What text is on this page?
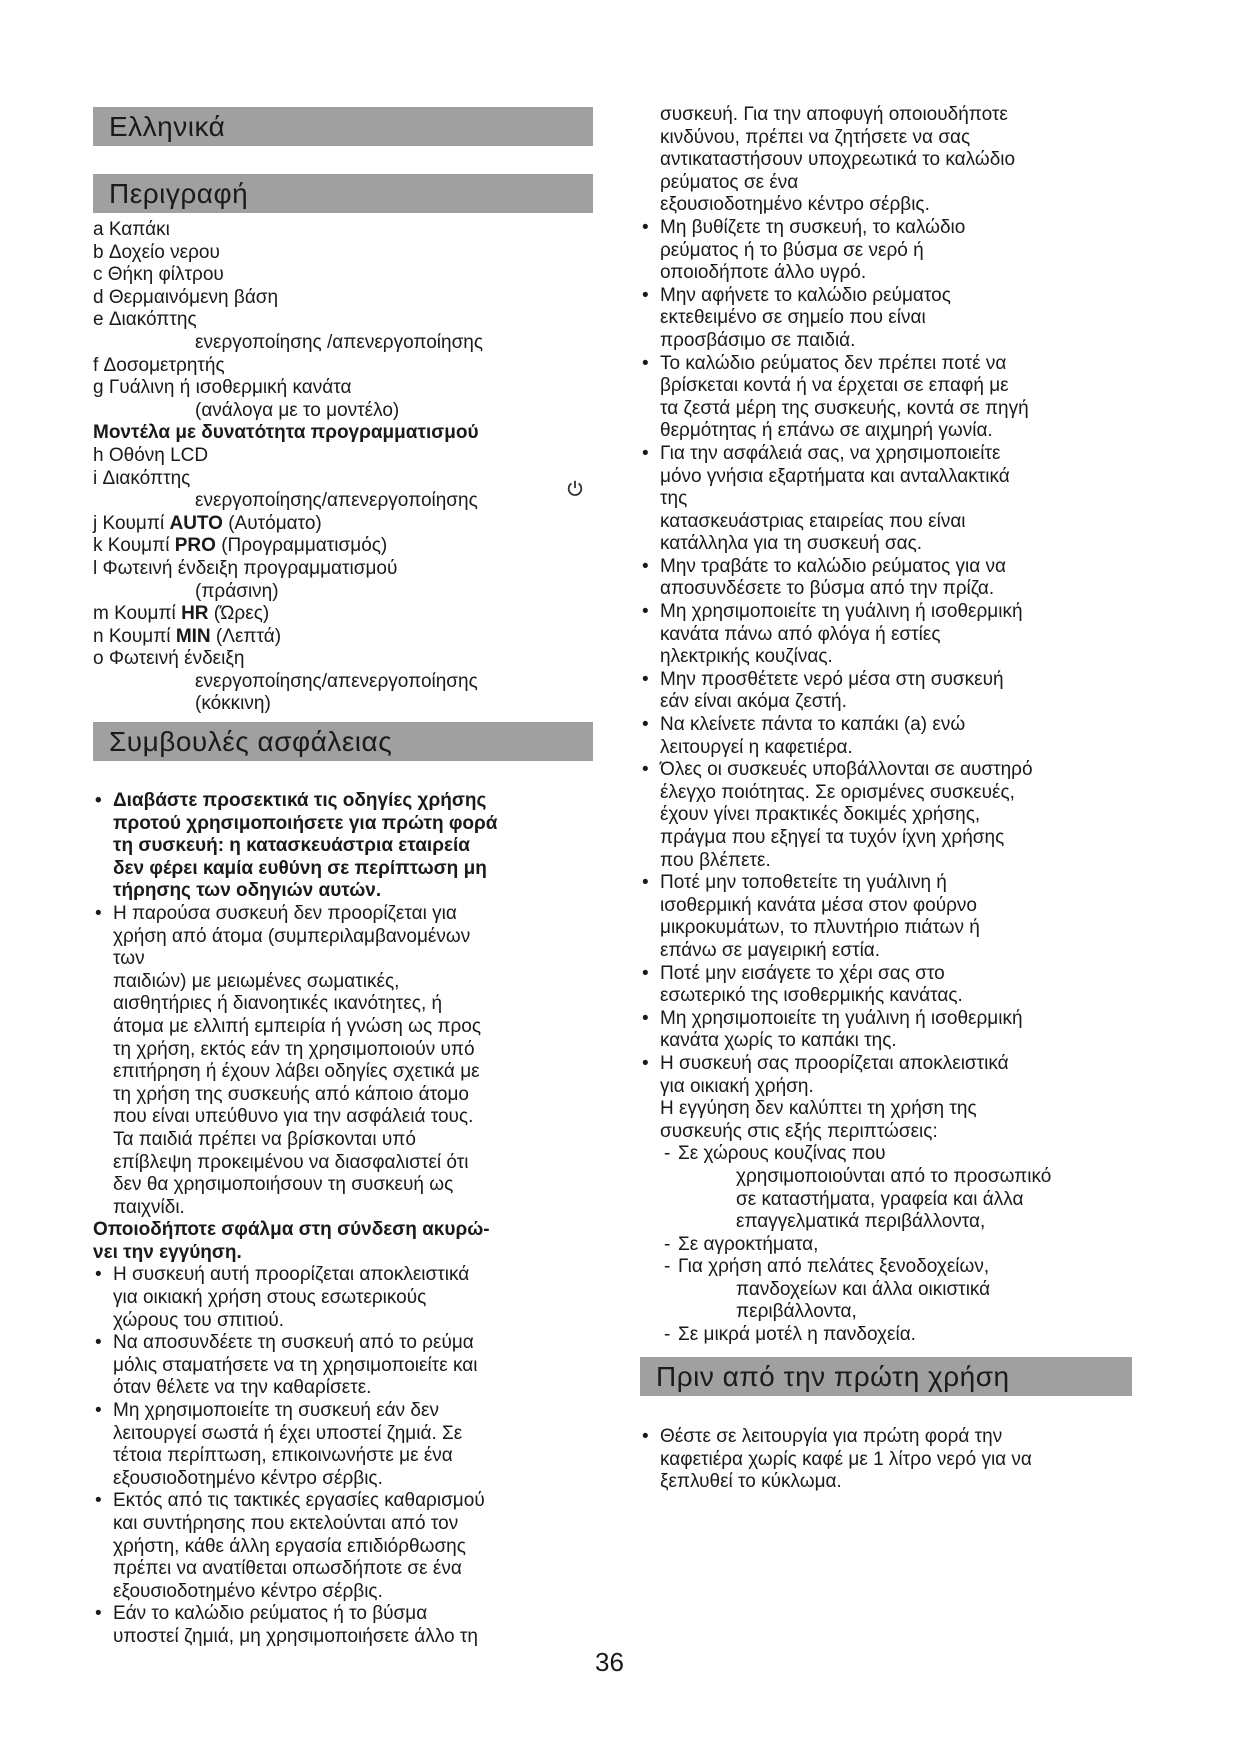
Ελληνικά
Περιγραφή

a Καπάκι

b Δοχείο νερου

c Θήκη φίλτρου

d Θερμαινόμενη βάση

e Διακόπτης

ενεργοποίησης /απενεργοποίησης

f Δοσομετρητής

g Γυάλινη ή ισοθερμική κανάτα

(ανάλογα με το μοντέλο)

Μοντέλα με δυνατότητα προγραμματισμού

h Οθόνη LCD

i Διακόπτης

ενεργοποίησης/απενεργοποίησης

j Κουμπί AUTO (Αυτόματο)

k Κουμπί PRO (Προγραμματισμός)

l Φωτεινή ένδειξη προγραμματισμού

(πράσινη)

m Κουμπί HR (Ώρες)

n Κουμπί MIN (Λεπτά)

o Φωτεινή ένδειξη

ενεργοποίησης/απενεργοποίησης

(κόκκινη)

Συμβουλές ασφάλειας

• Διαβάστε προσεκτικά τις οδηγίες χρήσης

προτού χρησιμοποιήσετε για πρώτη φορά

τη συσκευή: η κατασκευάστρια εταιρεία

δεν φέρει καμία ευθύνη σε περίπτωση μη

τήρησης των οδηγιών αυτών.

• Η παρούσα συσκευή δεν προορίζεται για

χρήση από άτομα (συμπεριλαμβανομένων

των

παιδιών) με μειωμένες σωματικές,

αισθητήριες ή διανοητικές ικανότητες, ή

άτομα με ελλιπή εμπειρία ή γνώση ως προς

τη χρήση, εκτός εάν τη χρησιμοποιούν υπό

επιτήρηση ή έχουν λάβει οδηγίες σχετικά με

τη χρήση της συσκευής από κάποιο άτομο

που είναι υπεύθυνο για την ασφάλειά τους.

Τα παιδιά πρέπει να βρίσκονται υπό

επίβλεψη προκειμένου να διασφαλιστεί ότι

δεν θα χρησιμοποιήσουν τη συσκευή ως

παιχνίδι.

Οποιοδήποτε σφάλμα στη σύνδεση ακυρώ-

νει την εγγύηση.

• Η συσκευή αυτή προορίζεται αποκλειστικά

για οικιακή χρήση στους εσωτερικούς

χώρους του σπιτιού.

• Να αποσυνδέετε τη συσκευή από το ρεύμα

μόλις σταματήσετε να τη χρησιμοποιείτε και

όταν θέλετε να την καθαρίσετε.

• Μη χρησιμοποιείτε τη συσκευή εάν δεν

λειτουργεί σωστά ή έχει υποστεί ζημιά. Σε

τέτοια περίπτωση, επικοινωνήστε με ένα

εξουσιοδοτημένο κέντρο σέρβις.

• Εκτός από τις τακτικές εργασίες καθαρισμού

και συντήρησης που εκτελούνται από τον

χρήστη, κάθε άλλη εργασία επιδιόρθωσης

πρέπει να ανατίθεται οπωσδήποτε σε ένα

εξουσιοδοτημένο κέντρο σέρβις.

• Εάν το καλώδιο ρεύματος ή το βύσμα

υποστεί ζημιά, μη χρησιμοποιήσετε άλλο τη

συσκευή. Για την αποφυγή οποιουδήποτε

κινδύνου, πρέπει να ζητήσετε να σας

αντικαταστήσουν υποχρεωτικά το καλώδιο

ρεύματος σε ένα

εξουσιοδοτημένο κέντρο σέρβις.

• Μη βυθίζετε τη συσκευή, το καλώδιο

ρεύματος ή το βύσμα σε νερό ή

οποιοδήποτε άλλο υγρό.

• Μην αφήνετε το καλώδιο ρεύματος

εκτεθειμένο σε σημείο που είναι

προσβάσιμο σε παιδιά.

• Το καλώδιο ρεύματος δεν πρέπει ποτέ να

βρίσκεται κοντά ή να έρχεται σε επαφή με

τα ζεστά μέρη της συσκευής, κοντά σε πηγή

θερμότητας ή επάνω σε αιχμηρή γωνία.

• Για την ασφάλειά σας, να χρησιμοποιείτε

μόνο γνήσια εξαρτήματα και ανταλλακτικά

της

κατασκευάστριας εταιρείας που είναι

κατάλληλα για τη συσκευή σας.

• Μην τραβάτε το καλώδιο ρεύματος για να

αποσυνδέσετε το βύσμα από την πρίζα.

• Μη χρησιμοποιείτε τη γυάλινη ή ισοθερμική

κανάτα πάνω από φλόγα ή εστίες

ηλεκτρικής κουζίνας.

• Μην προσθέτετε νερό μέσα στη συσκευή

εάν είναι ακόμα ζεστή.

• Να κλείνετε πάντα το καπάκι (a) ενώ

λειτουργεί η καφετιέρα.

• Όλες οι συσκευές υποβάλλονται σε αυστηρό

έλεγχο ποιότητας. Σε ορισμένες συσκευές,

έχουν γίνει πρακτικές δοκιμές χρήσης,

πράγμα που εξηγεί τα τυχόν ίχνη χρήσης

που βλέπετε.

• Ποτέ μην τοποθετείτε τη γυάλινη ή

ισοθερμική κανάτα μέσα στον φούρνο

μικροκυμάτων, το πλυντήριο πιάτων ή

επάνω σε μαγειρική εστία.

• Ποτέ μην εισάγετε το χέρι σας στο

εσωτερικό της ισοθερμικής κανάτας.

• Μη χρησιμοποιείτε τη γυάλινη ή ισοθερμική

κανάτα χωρίς το καπάκι της.

• Η συσκευή σας προορίζεται αποκλειστικά

για οικιακή χρήση.

Η εγγύηση δεν καλύπτει τη χρήση της

συσκευής στις εξής περιπτώσεις:

- Σε χώρους κουζίνας που

χρησιμοποιούνται από το προσωπικό

σε καταστήματα, γραφεία και άλλα

επαγγελματικά περιβάλλοντα,

- Σε αγροκτήματα,

- Για χρήση από πελάτες ξενοδοχείων,

πανδοχείων και άλλα οικιστικά

περιβάλλοντα,

- Σε μικρά μοτέλ η πανδοχεία.

Πριν από την πρώτη χρήση

• Θέστε σε λειτουργία για πρώτη φορά την

καφετιέρα χωρίς καφέ με 1 λίτρο νερό για να

ξεπλυθεί το κύκλωμα.

36
